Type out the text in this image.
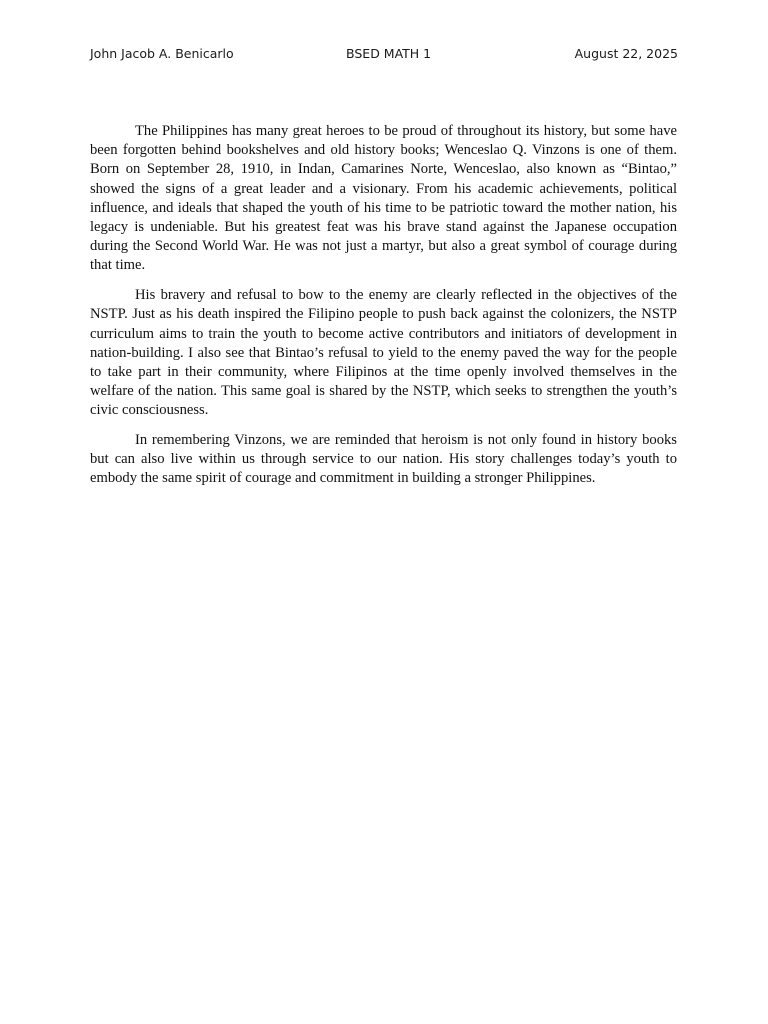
John Jacob A. Benicarlo	BSED MATH 1	August 22, 2025

The Philippines has many great heroes to be proud of throughout its history, but some have been forgotten behind bookshelves and old history books; Wenceslao Q. Vinzons is one of them. Born on September 28, 1910, in Indan, Camarines Norte, Wenceslao, also known as “Bintao,” showed the signs of a great leader and a visionary. From his academic achievements, political influence, and ideals that shaped the youth of his time to be patriotic toward the mother nation, his legacy is undeniable. But his greatest feat was his brave stand against the Japanese occupation during the Second World War. He was not just a martyr, but also a great symbol of courage during that time.

His bravery and refusal to bow to the enemy are clearly reflected in the objectives of the NSTP. Just as his death inspired the Filipino people to push back against the colonizers, the NSTP curriculum aims to train the youth to become active contributors and initiators of development in nation-building. I also see that Bintao’s refusal to yield to the enemy paved the way for the people to take part in their community, where Filipinos at the time openly involved themselves in the welfare of the nation. This same goal is shared by the NSTP, which seeks to strengthen the youth’s civic consciousness.

In remembering Vinzons, we are reminded that heroism is not only found in history books but can also live within us through service to our nation. His story challenges today’s youth to embody the same spirit of courage and commitment in building a stronger Philippines.
